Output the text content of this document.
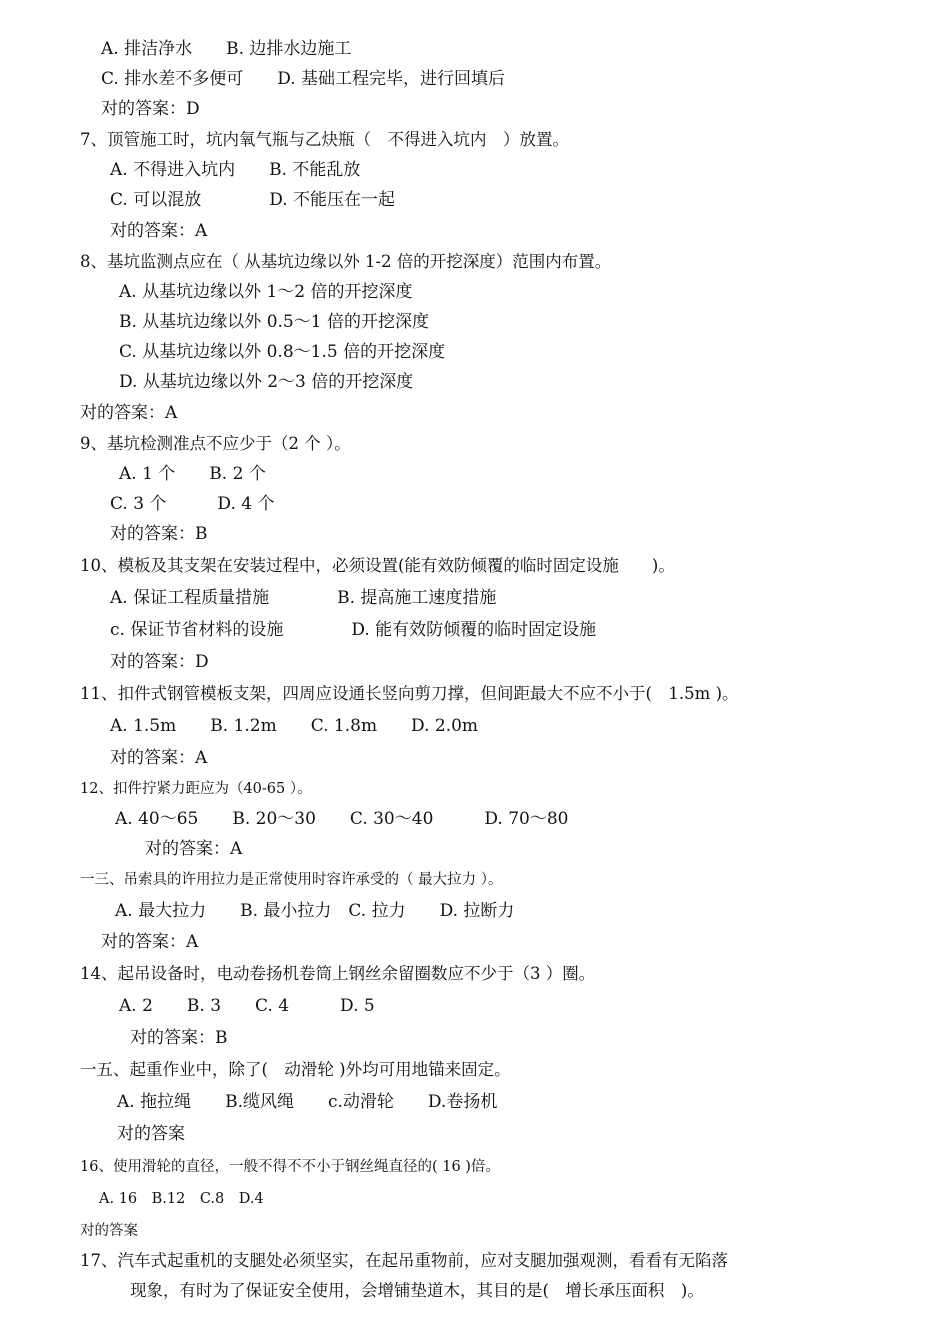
A. 排洁净水　　B. 边排水边施工

C. 排水差不多便可　　D. 基础工程完毕，进行回填后

对的答案：D

7、顶管施工时，坑内氧气瓶与乙炔瓶（　不得进入坑内　）放置。

A. 不得进入坑内　　B. 不能乱放

C. 可以混放　　　　D. 不能压在一起

对的答案：A

8、基坑监测点应在（ 从基坑边缘以外 1-2 倍的开挖深度）范围内布置。

A. 从基坑边缘以外 1～2 倍的开挖深度

B. 从基坑边缘以外 0.5～1 倍的开挖深度

C. 从基坑边缘以外 0.8～1.5 倍的开挖深度

D. 从基坑边缘以外 2～3 倍的开挖深度

对的答案：A

9、基坑检测准点不应少于（2 个 ）。

A. 1 个　　B. 2 个

C. 3 个　　　D. 4 个

对的答案：B

10、模板及其支架在安装过程中，必须设置(能有效防倾覆的临时固定设施　　)。

A. 保证工程质量措施　　　　B. 提高施工速度措施

c. 保证节省材料的设施　　　　D. 能有效防倾覆的临时固定设施

对的答案：D

11、扣件式钢管模板支架，四周应设通长竖向剪刀撑，但间距最大不应不小于(　1.5m )。

A. 1.5m　　B. 1.2m　　C. 1.8m　　D. 2.0m

对的答案：A

12、扣件拧紧力距应为（40-65 ）。

A. 40～65　　B. 20～30　　C. 30～40　　　D. 70～80

对的答案：A

一三、吊索具的许用拉力是正常使用时容许承受的（ 最大拉力 ）。

A. 最大拉力　　B. 最小拉力　C. 拉力　　D. 拉断力

对的答案：A

14、起吊设备时，电动卷扬机卷筒上钢丝余留圈数应不少于（3 ）圈。

A. 2　　B. 3　　C. 4　　　D. 5

对的答案：B

一五、起重作业中，除了(　动滑轮 )外均可用地锚来固定。

A. 拖拉绳　　B.缆风绳　　c.动滑轮　　D.卷扬机

对的答案

16、使用滑轮的直径，一般不得不不小于钢丝绳直径的( 16 )倍。

A. 16　B.12　C.8　D.4

对的答案

17、汽车式起重机的支腿处必须坚实，在起吊重物前，应对支腿加强观测，看看有无陷落

现象，有时为了保证安全使用，会增铺垫道木，其目的是(　增长承压面积　)。
